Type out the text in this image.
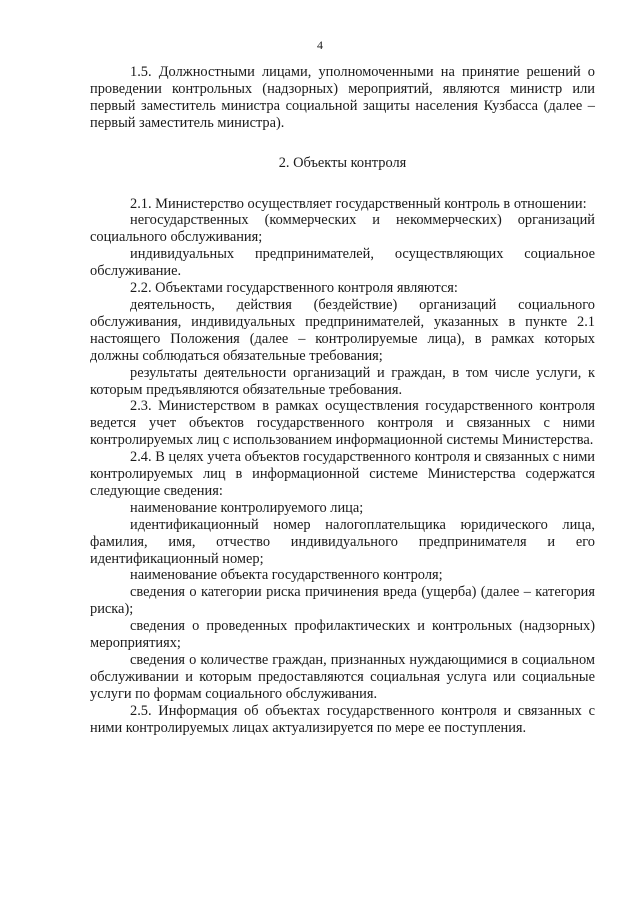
4

1.5. Должностными лицами, уполномоченными на принятие решений о проведении контрольных (надзорных) мероприятий, являются министр или первый заместитель министра социальной защиты населения Кузбасса (далее – первый заместитель министра).

2. Объекты контроля

2.1. Министерство осуществляет государственный контроль в отношении:

негосударственных (коммерческих и некоммерческих) организаций социального обслуживания;

индивидуальных предпринимателей, осуществляющих социальное обслуживание.

2.2. Объектами государственного контроля являются:

деятельность, действия (бездействие) организаций социального обслуживания, индивидуальных предпринимателей, указанных в пункте 2.1 настоящего Положения (далее – контролируемые лица), в рамках которых должны соблюдаться обязательные требования;

результаты деятельности организаций и граждан, в том числе услуги, к которым предъявляются обязательные требования.

2.3. Министерством в рамках осуществления государственного контроля ведется учет объектов государственного контроля и связанных с ними контролируемых лиц с использованием информационной системы Министерства.

2.4. В целях учета объектов государственного контроля и связанных с ними контролируемых лиц в информационной системе Министерства содержатся следующие сведения:

наименование контролируемого лица;

идентификационный номер налогоплательщика юридического лица, фамилия, имя, отчество индивидуального предпринимателя и его идентификационный номер;

наименование объекта государственного контроля;

сведения о категории риска причинения вреда (ущерба) (далее – категория риска);

сведения о проведенных профилактических и контрольных (надзорных) мероприятиях;

сведения о количестве граждан, признанных нуждающимися в социальном обслуживании и которым предоставляются социальная услуга или социальные услуги по формам социального обслуживания.

2.5. Информация об объектах государственного контроля и связанных с ними контролируемых лицах актуализируется по мере ее поступления.
